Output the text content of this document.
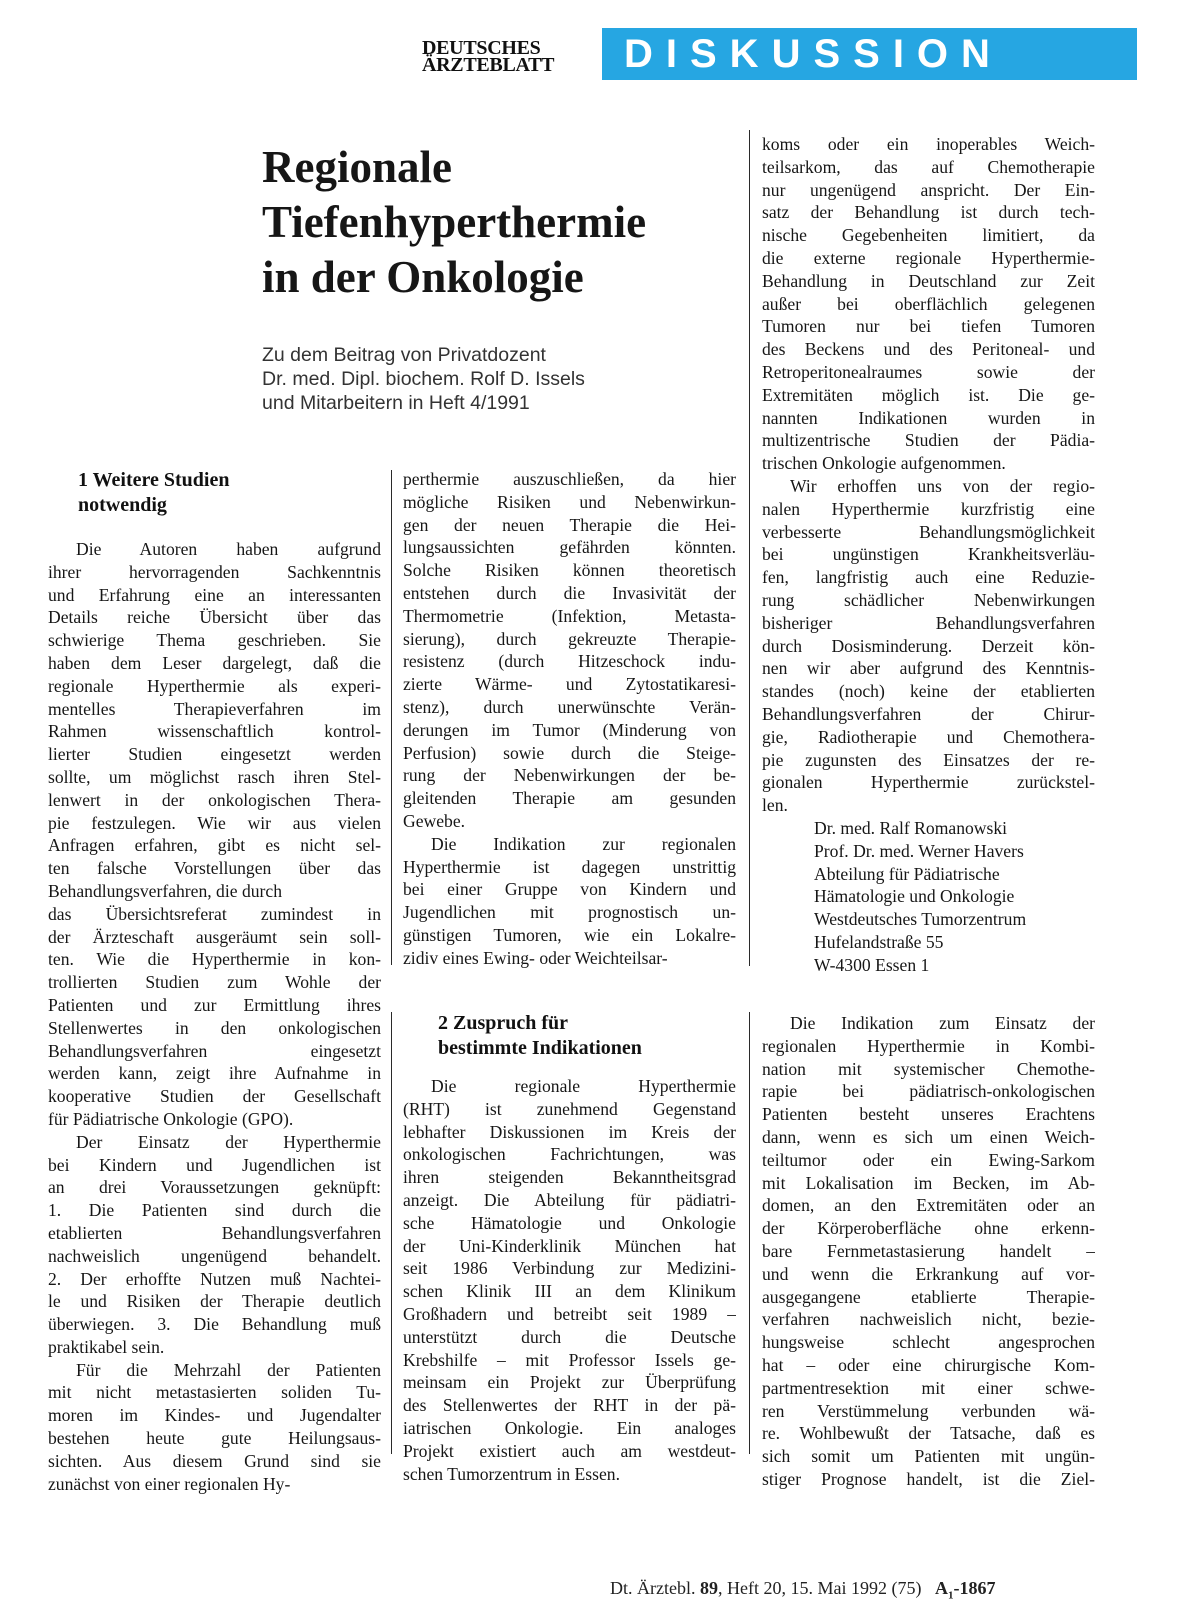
DEUTSCHES
ÄRZTEBLATT	DISKUSSION
Regionale
Tiefenhyperthermie
in der Onkologie
Zu dem Beitrag von Privatdozent
Dr. med. Dipl. biochem. Rolf D. Issels
und Mitarbeitern in Heft 4/1991
1 Weitere Studien
notwendig
2 Zuspruch für
bestimmte Indikationen
Die Autoren haben aufgrund
ihrer hervorragenden Sachkenntnis
und Erfahrung eine an interessanten
Details reiche Übersicht über das
schwierige Thema geschrieben. Sie
haben dem Leser dargelegt, daß die
regionale Hyperthermie als experi-
mentelles Therapieverfahren im
Rahmen wissenschaftlich kontrol-
lierter Studien eingesetzt werden
sollte, um möglichst rasch ihren Stel-
lenwert in der onkologischen Thera-
pie festzulegen. Wie wir aus vielen
Anfragen erfahren, gibt es nicht sel-
ten falsche Vorstellungen über das
Behandlungsverfahren, die durch
das Übersichtsreferat zumindest in
der Ärzteschaft ausgeräumt sein soll-
ten. Wie die Hyperthermie in kon-
trollierten Studien zum Wohle der
Patienten und zur Ermittlung ihres
Stellenwertes in den onkologischen
Behandlungsverfahren eingesetzt
werden kann, zeigt ihre Aufnahme in
kooperative Studien der Gesellschaft
für Pädiatrische Onkologie (GPO).
Der Einsatz der Hyperthermie
bei Kindern und Jugendlichen ist
an drei Voraussetzungen geknüpft:
1. Die Patienten sind durch die
etablierten Behandlungsverfahren
nachweislich ungenügend behandelt.
2. Der erhoffte Nutzen muß Nachtei-
le und Risiken der Therapie deutlich
überwiegen. 3. Die Behandlung muß
praktikabel sein.
Für die Mehrzahl der Patienten
mit nicht metastasierten soliden Tu-
moren im Kindes- und Jugendalter
bestehen heute gute Heilungsaus-
sichten. Aus diesem Grund sind sie
zunächst von einer regionalen Hy-
perthermie auszuschließen, da hier
mögliche Risiken und Nebenwirkun-
gen der neuen Therapie die Hei-
lungsaussichten gefährden könnten.
Solche Risiken können theoretisch
entstehen durch die Invasivität der
Thermometrie (Infektion, Metasta-
sierung), durch gekreuzte Therapie-
resistenz (durch Hitzeschock indu-
zierte Wärme- und Zytostatikaresi-
stenz), durch unerwünschte Verän-
derungen im Tumor (Minderung von
Perfusion) sowie durch die Steige-
rung der Nebenwirkungen der be-
gleitenden Therapie am gesunden
Gewebe.
Die Indikation zur regionalen
Hyperthermie ist dagegen unstrittig
bei einer Gruppe von Kindern und
Jugendlichen mit prognostisch un-
günstigen Tumoren, wie ein Lokalre-
zidiv eines Ewing- oder Weichteilsar-
koms oder ein inoperables Weich-
teilsarkom, das auf Chemotherapie
nur ungenügend anspricht. Der Ein-
satz der Behandlung ist durch tech-
nische Gegebenheiten limitiert, da
die externe regionale Hyperthermie-
Behandlung in Deutschland zur Zeit
außer bei oberflächlich gelegenen
Tumoren nur bei tiefen Tumoren
des Beckens und des Peritoneal- und
Retroperitonealraumes sowie der
Extremitäten möglich ist. Die ge-
nannten Indikationen wurden in
multizentrische Studien der Pädia-
trischen Onkologie aufgenommen.
Wir erhoffen uns von der regio-
nalen Hyperthermie kurzfristig eine
verbesserte Behandlungsmöglichkeit
bei ungünstigen Krankheitsverläu-
fen, langfristig auch eine Reduzie-
rung schädlicher Nebenwirkungen
bisheriger Behandlungsverfahren
durch Dosisminderung. Derzeit kön-
nen wir aber aufgrund des Kenntnis-
standes (noch) keine der etablierten
Behandlungsverfahren der Chirur-
gie, Radiotherapie und Chemothera-
pie zugunsten des Einsatzes der re-
gionalen Hyperthermie zurückstel-
len.
Dr. med. Ralf Romanowski
Prof. Dr. med. Werner Havers
Abteilung für Pädiatrische
Hämatologie und Onkologie
Westdeutsches Tumorzentrum
Hufelandstraße 55
W-4300 Essen 1
Die regionale Hyperthermie
(RHT) ist zunehmend Gegenstand
lebhafter Diskussionen im Kreis der
onkologischen Fachrichtungen, was
ihren steigenden Bekanntheitsgrad
anzeigt. Die Abteilung für pädiatri-
sche Hämatologie und Onkologie
der Uni-Kinderklinik München hat
seit 1986 Verbindung zur Medizini-
schen Klinik III an dem Klinikum
Großhadern und betreibt seit 1989 –
unterstützt durch die Deutsche
Krebshilfe – mit Professor Issels ge-
meinsam ein Projekt zur Überprüfung
des Stellenwertes der RHT in der pä-
iatrischen Onkologie. Ein analoges
Projekt existiert auch am westdeut-
schen Tumorzentrum in Essen.
Die Indikation zum Einsatz der
regionalen Hyperthermie in Kombi-
nation mit systemischer Chemothe-
rapie bei pädiatrisch-onkologischen
Patienten besteht unseres Erachtens
dann, wenn es sich um einen Weich-
teiltumor oder ein Ewing-Sarkom
mit Lokalisation im Becken, im Ab-
domen, an den Extremitäten oder an
der Körperoberfläche ohne erkenn-
bare Fernmetastasierung handelt –
und wenn die Erkrankung auf vor-
ausgegangene etablierte Therapie-
verfahren nachweislich nicht, bezie-
hungsweise schlecht angesprochen
hat – oder eine chirurgische Kom-
partmentresektion mit einer schwe-
ren Verstümmelung verbunden wä-
re. Wohlbewußt der Tatsache, daß es
sich somit um Patienten mit ungün-
stiger Prognose handelt, ist die Ziel-
Dt. Ärztebl. 89, Heft 20, 15. Mai 1992 (75) $A_1-1867$
